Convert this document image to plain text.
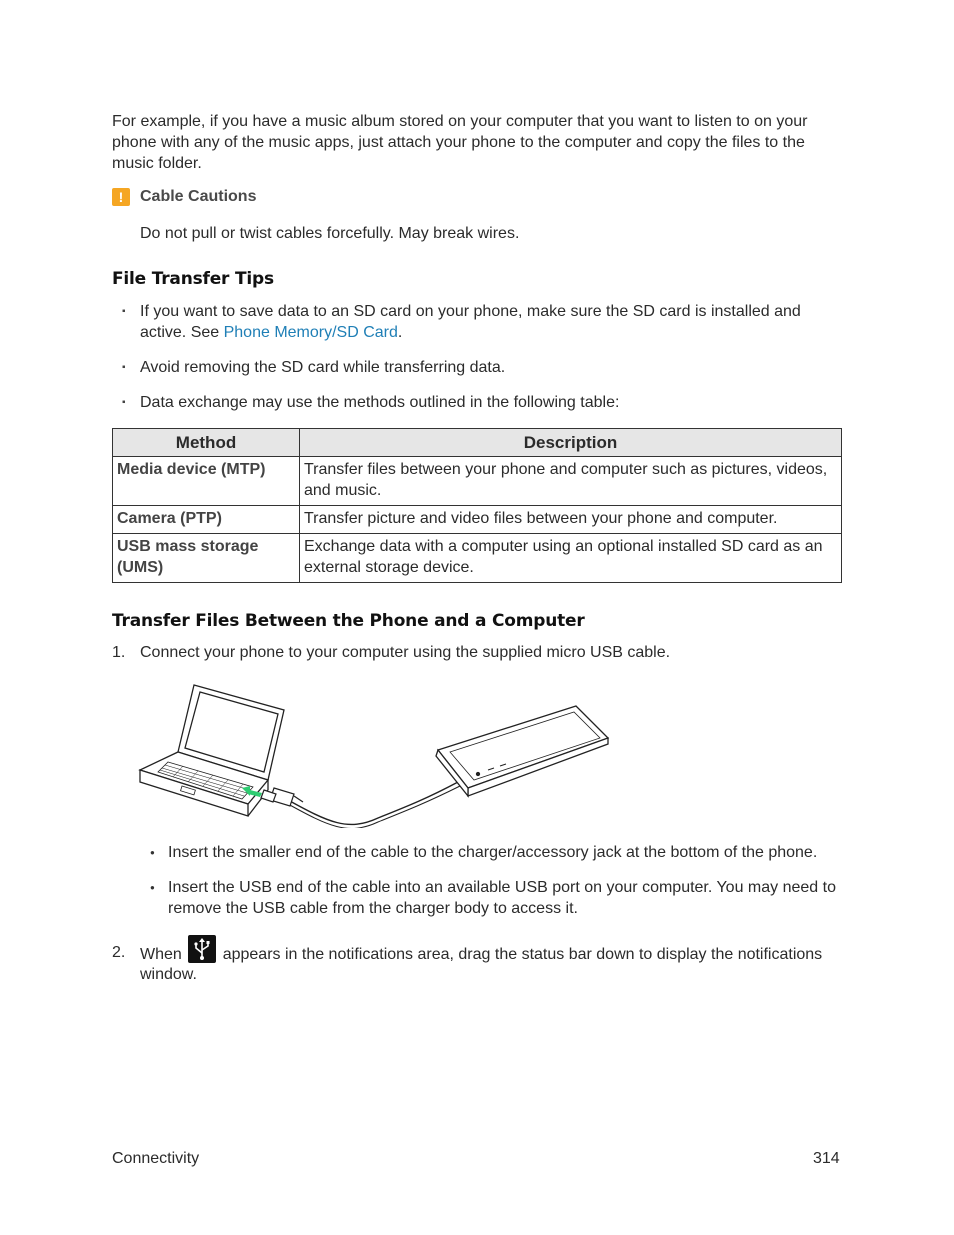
For example, if you have a music album stored on your computer that you want to listen to on your phone with any of the music apps, just attach your phone to the computer and copy the files to the music folder.

!	Cable Cautions

Do not pull or twist cables forcefully. May break wires.

File Transfer Tips

▪ If you want to save data to an SD card on your phone, make sure the SD card is installed and active. See Phone Memory/SD Card.

▪ Avoid removing the SD card while transferring data.

▪ Data exchange may use the methods outlined in the following table:

Method	Description
Media device (MTP)	Transfer files between your phone and computer such as pictures, videos, and music.
Camera (PTP)	Transfer picture and video files between your phone and computer.
USB mass storage (UMS)	Exchange data with a computer using an optional installed SD card as an external storage device.
Transfer Files Between the Phone and a Computer

1. Connect your phone to your computer using the supplied micro USB cable.

● Insert the smaller end of the cable to the charger/accessory jack at the bottom of the phone.

● Insert the USB end of the cable into an available USB port on your computer. You may need to remove the USB cable from the charger body to access it.

2. When	appears in the notifications area, drag the status bar down to display the notifications window.

Connectivity	314
